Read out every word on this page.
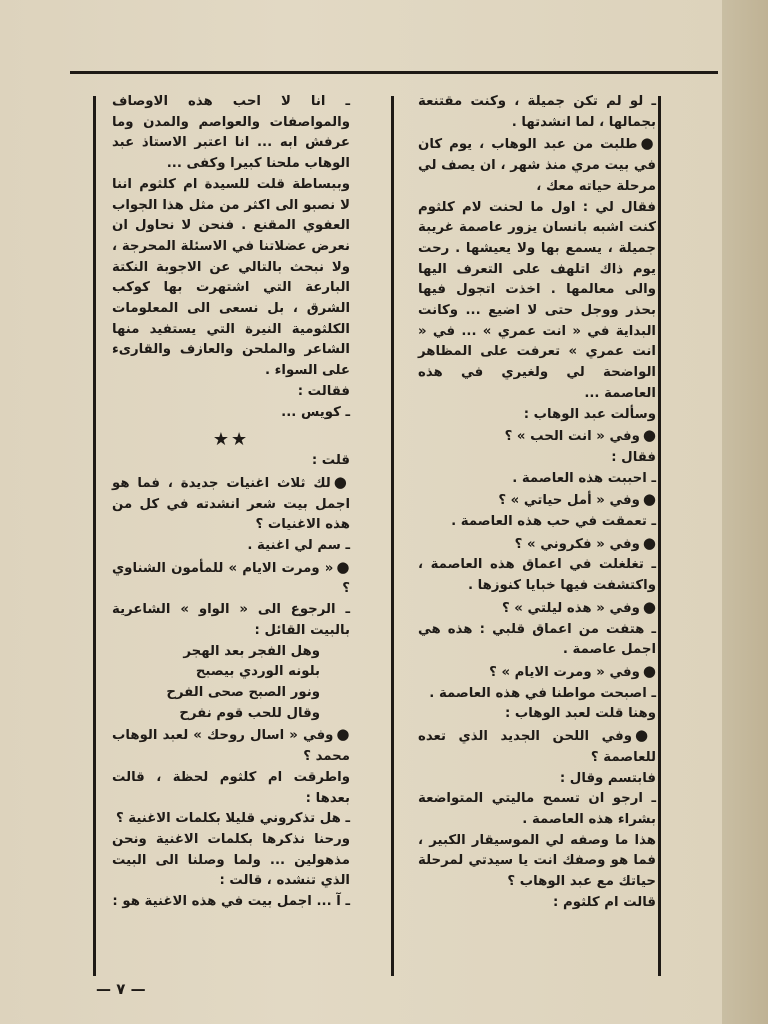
ـ لو لم تكن جميلة ، وكنت مقتنعة بجمالها ، لما انشدتها .

● طلبت من عبد الوهاب ، يوم كان في بيت مري منذ شهر ، ان يصف لي مرحلة حياته معك ،

فقال لي : اول ما لحنت لام كلثوم كنت اشبه بانسان يزور عاصمة غريبة جميلة ، يسمع بها ولا يعيشها . رحت يوم ذاك اتلهف على التعرف اليها والى معالمها . اخذت اتجول فيها بحذر ووجل حتى لا اضيع ... وكانت البداية في « انت عمري » ... في « انت عمري » تعرفت على المظاهر الواضحة لي ولغيري في هذه العاصمة ...

وسألت عبد الوهاب :

● وفي « انت الحب » ؟

فقال :

ـ احببت هذه العاصمة .

● وفي « أمل حياتي » ؟

ـ تعمقت في حب هذه العاصمة .

● وفي « فكروني » ؟

ـ تغلغلت في اعماق هذه العاصمة ، واكتشفت فيها خبايا كنوزها .

● وفي « هذه ليلتي » ؟

ـ هتفت من اعماق قلبي : هذه هي اجمل عاصمة .

● وفي « ومرت الايام » ؟

ـ اصبحت مواطنا في هذه العاصمة .

وهنا قلت لعبد الوهاب :

● وفي اللحن الجديد الذي تعده للعاصمة ؟

فابتسم وقال :

ـ ارجو ان تسمح ماليتي المتواضعة بشراء هذه العاصمة .

هذا ما وصفه لي الموسيقار الكبير ، فما هو وصفك انت يا سيدتي لمرحلة حياتك مع عبد الوهاب ؟

قالت ام كلثوم :

ـ انا لا احب هذه الاوصاف والمواصفات والعواصم والمدن وما عرفش ابه ... انا اعتبر الاستاذ عبد الوهاب ملحنا كبيرا وكفى ...

وببساطة قلت للسيدة ام كلثوم اننا لا نصبو الى اكثر من مثل هذا الجواب العفوي المقنع . فنحن لا نحاول ان نعرض عضلاتنا في الاسئلة المحرجة ، ولا نبحث بالتالي عن الاجوبة النكتة البارعة التي اشتهرت بها كوكب الشرق ، بل نسعى الى المعلومات الكلثومية النيرة التي يستفيد منها الشاعر والملحن والعازف والقارىء على السواء .

فقالت :

ـ كويس ...

★★

قلت :

● لك ثلاث اغنيات جديدة ، فما هو اجمل بيت شعر انشدته في كل من هذه الاغنيات ؟

ـ سم لي اغنية .

● « ومرت الايام » للمأمون الشناوي ؟

ـ الرجوع الى « الواو » الشاعرية بالبيت القائل :

وهل الفجر بعد الهجر

بلونه الوردي بيصبح

ونور الصبح صحى الفرح

وقال للحب قوم نفرح

● وفي « اسال روحك » لعبد الوهاب محمد ؟

واطرقت ام كلثوم لحظة ، قالت بعدها :

ـ هل تذكروني قليلا بكلمات الاغنية ؟

ورحنا نذكرها بكلمات الاغنية ونحن مذهولين ... ولما وصلنا الى البيت الذي تنشده ، قالت :

ـ آ ... اجمل بيت في هذه الاغنية هو :

— ٧ —
